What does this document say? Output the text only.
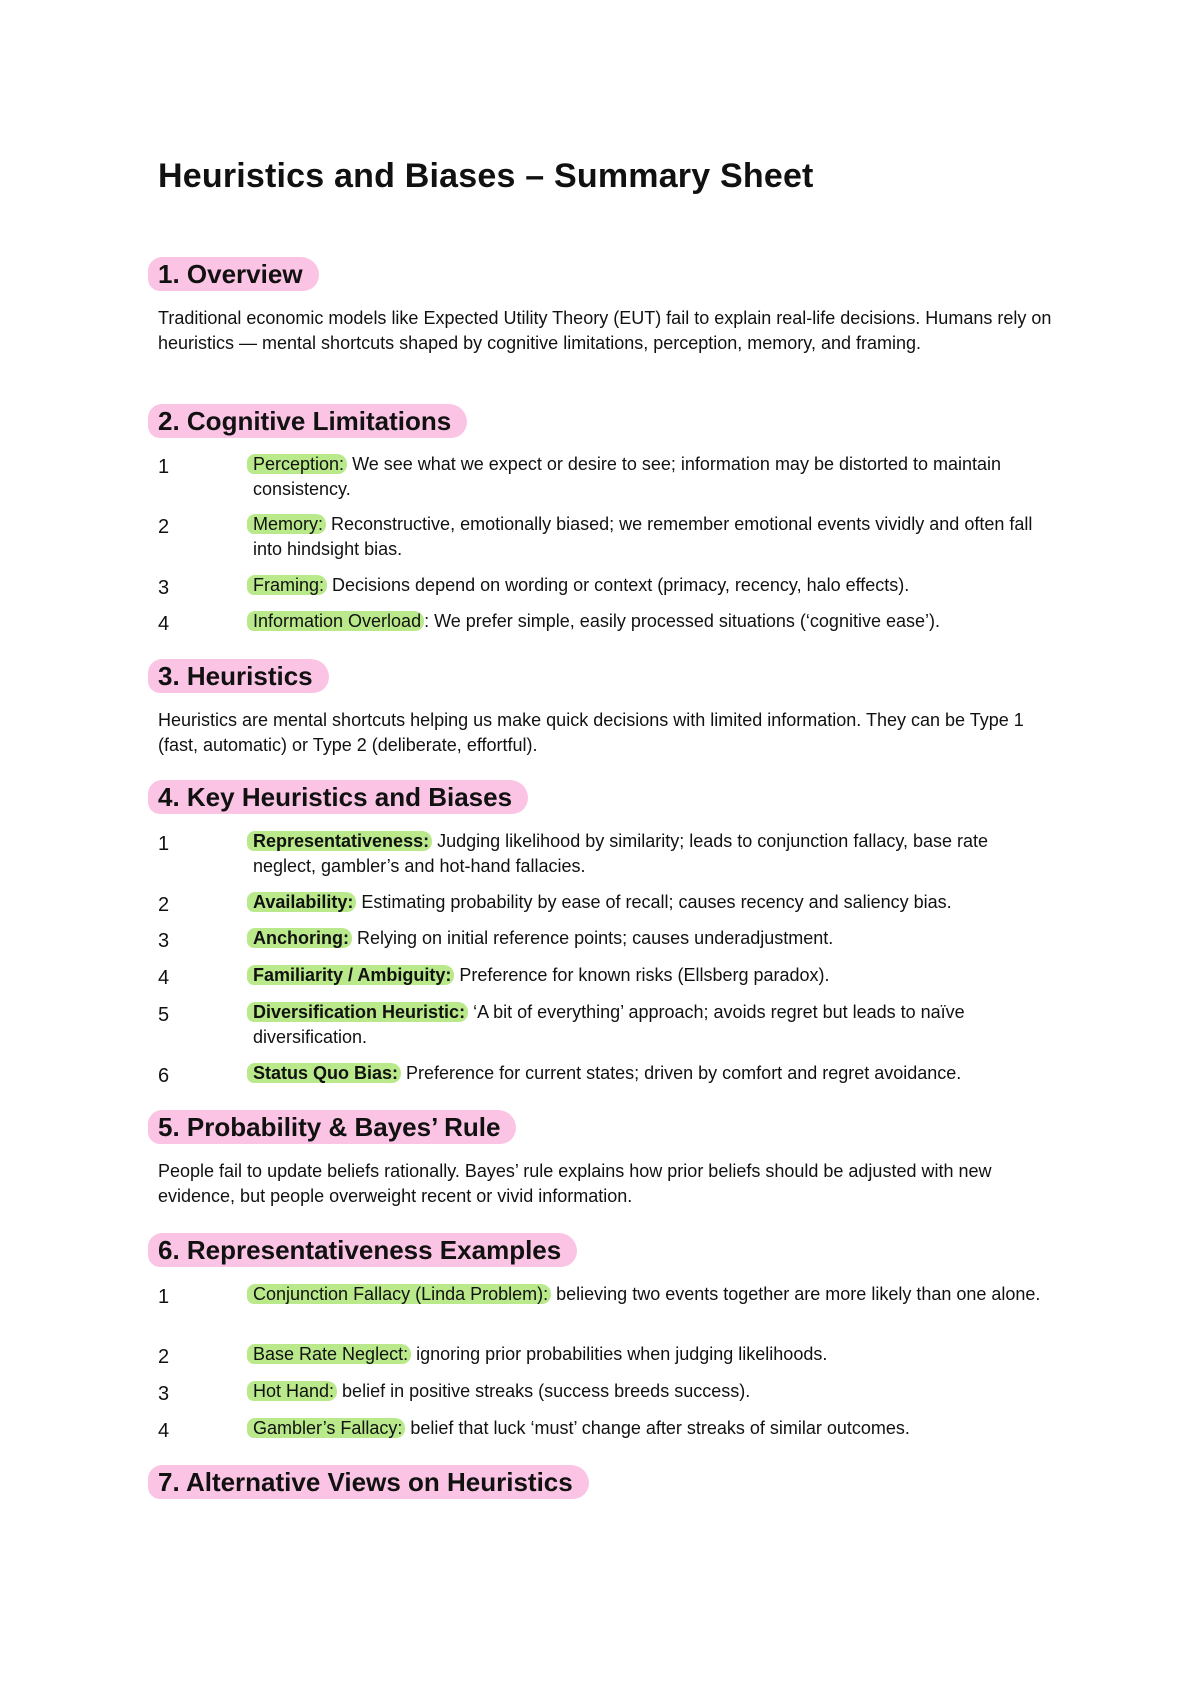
Heuristics and Biases – Summary Sheet
1. Overview

Traditional economic models like Expected Utility Theory (EUT) fail to explain real-life decisions. Humans rely on heuristics — mental shortcuts shaped by cognitive limitations, perception, memory, and framing.

2. Cognitive Limitations
1	Perception: We see what we expect or desire to see; information may be distorted to maintain consistency.
2	Memory: Reconstructive, emotionally biased; we remember emotional events vividly and often fall into hindsight bias.
3	Framing: Decisions depend on wording or context (primacy, recency, halo effects).
4	Information Overload : We prefer simple, easily processed situations (‘cognitive ease’).
3. Heuristics

Heuristics are mental shortcuts helping us make quick decisions with limited information. They can be Type 1 (fast, automatic) or Type 2 (deliberate, effortful).

4. Key Heuristics and Biases
1	Representativeness: Judging likelihood by similarity; leads to conjunction fallacy, base rate neglect, gambler’s and hot-hand fallacies.
2	Availability: Estimating probability by ease of recall; causes recency and saliency bias.
3	Anchoring: Relying on initial reference points; causes underadjustment.
4	Familiarity / Ambiguity: Preference for known risks (Ellsberg paradox).
5	Diversification Heuristic: ‘A bit of everything’ approach; avoids regret but leads to naïve diversification.
6	Status Quo Bias: Preference for current states; driven by comfort and regret avoidance.
5. Probability & Bayes’ Rule

People fail to update beliefs rationally. Bayes’ rule explains how prior beliefs should be adjusted with new evidence, but people overweight recent or vivid information.

6. Representativeness Examples
1	Conjunction Fallacy (Linda Problem): believing two events together are more likely than one alone.
2	Base Rate Neglect: ignoring prior probabilities when judging likelihoods.
3	Hot Hand: belief in positive streaks (success breeds success).
4	Gambler’s Fallacy: belief that luck ‘must’ change after streaks of similar outcomes.
7. Alternative Views on Heuristics
